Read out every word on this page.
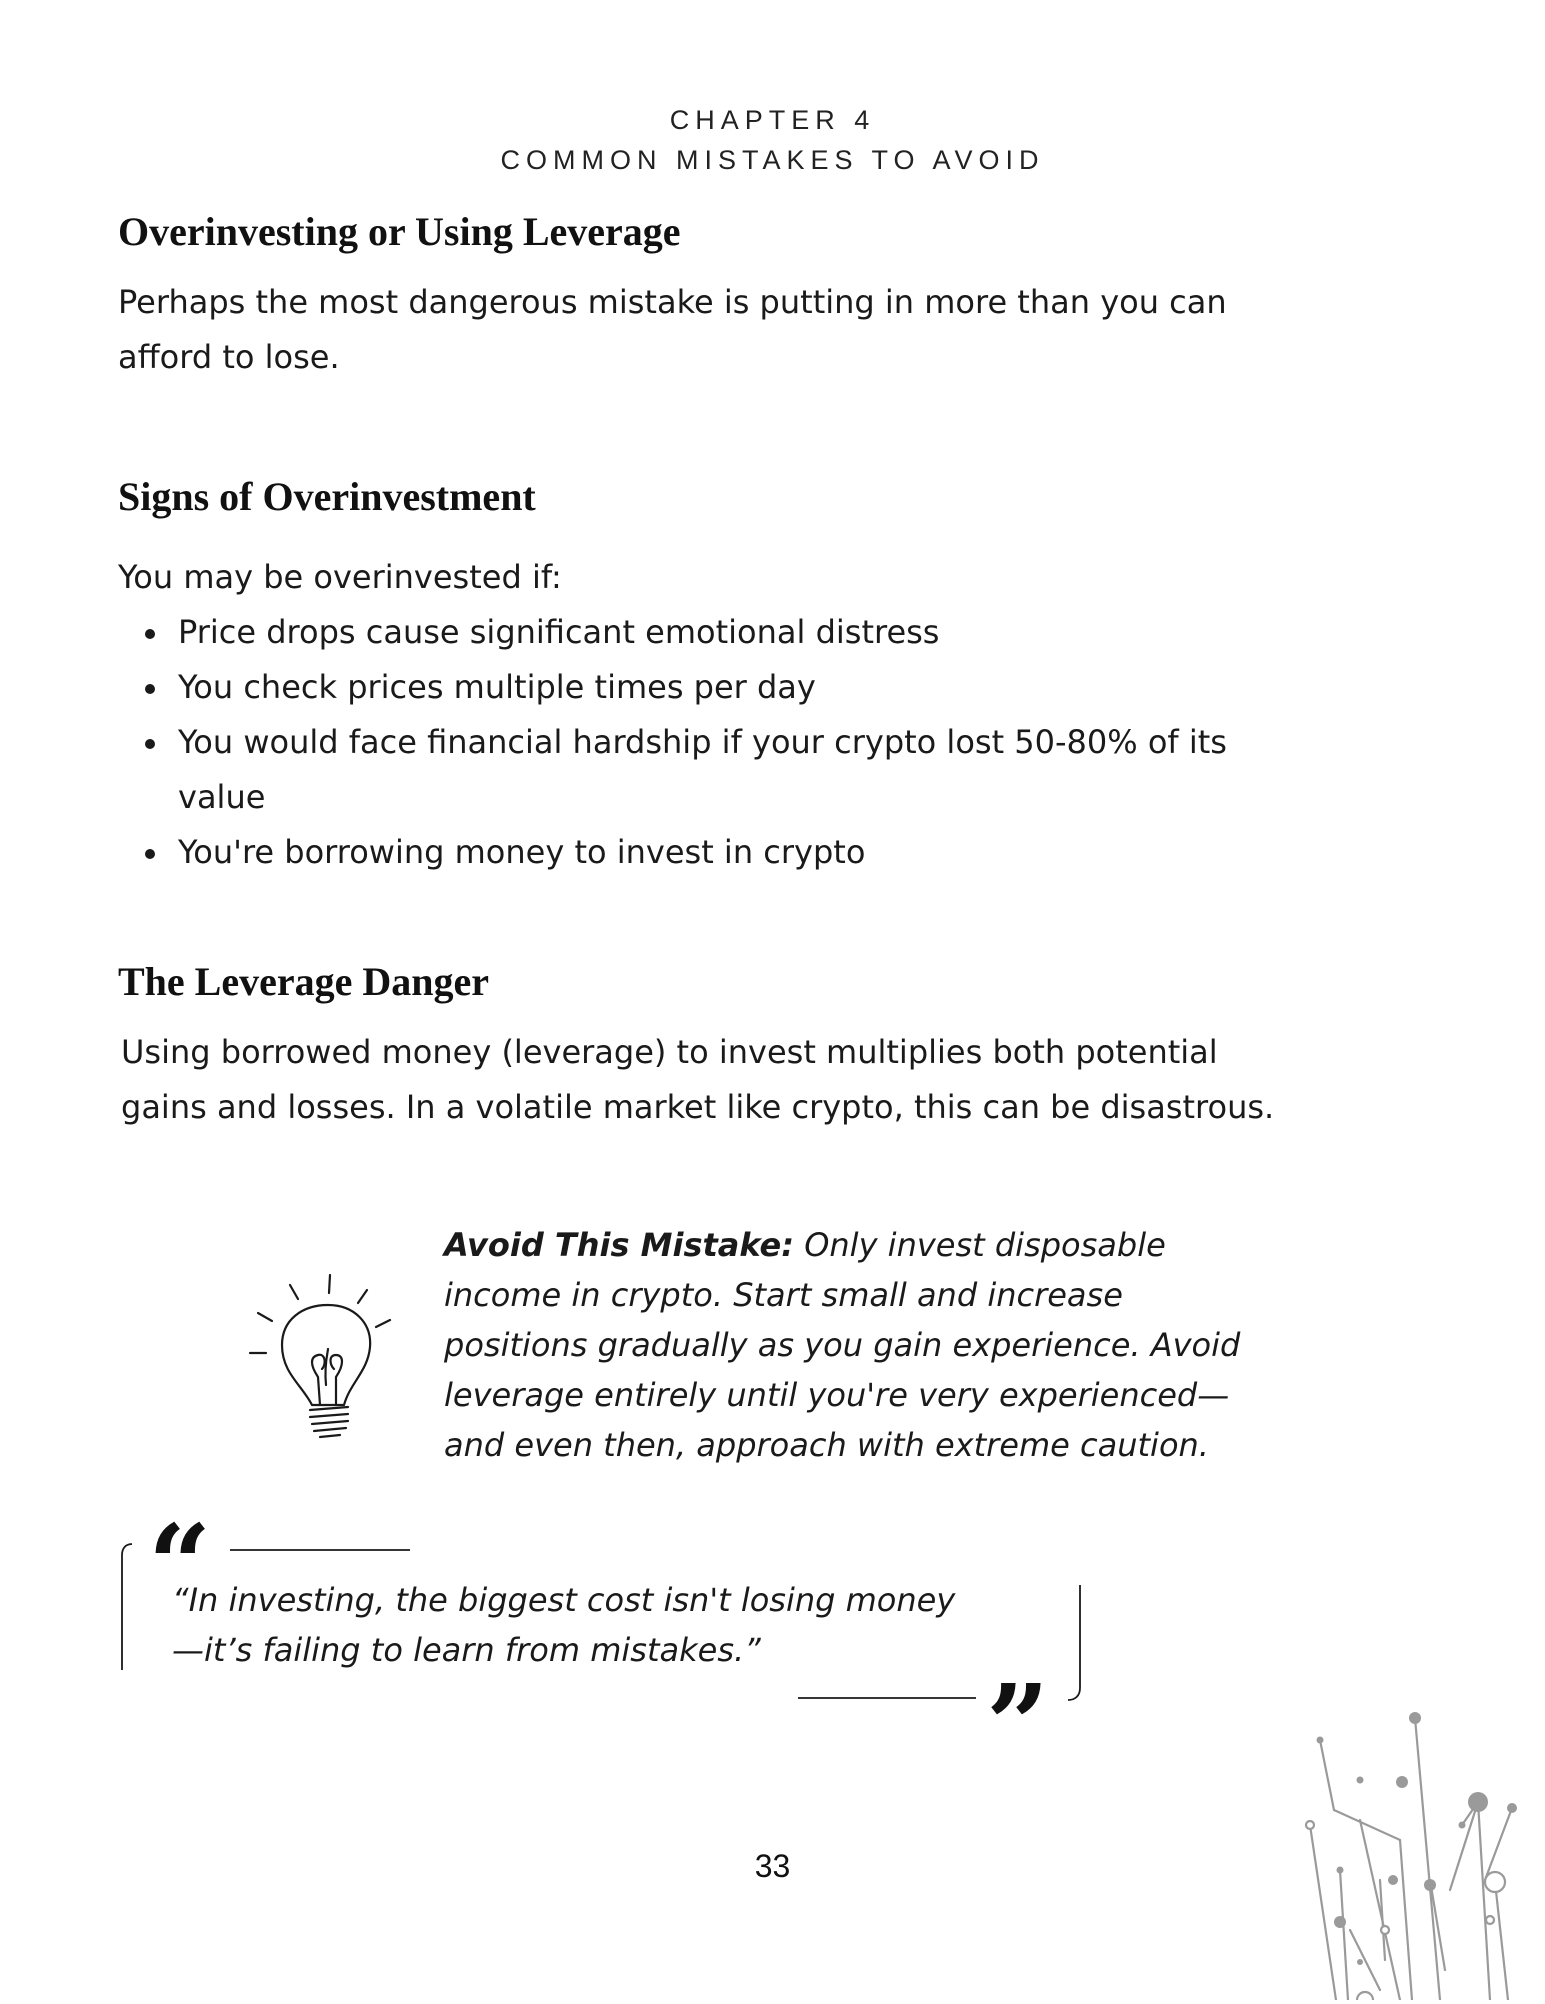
CHAPTER 4
COMMON MISTAKES TO AVOID
Overinvesting or Using Leverage

Perhaps the most dangerous mistake is putting in more than you can
afford to lose.

Signs of Overinvestment

You may be overinvested if:

Price drops cause significant emotional distress
You check prices multiple times per day
You would face financial hardship if your crypto lost 50-80% of its
value
You're borrowing money to invest in crypto
The Leverage Danger

Using borrowed money (leverage) to invest multiplies both potential
gains and losses. In a volatile market like crypto, this can be disastrous.

Avoid This Mistake: Only invest disposable
income in crypto. Start small and increase
positions gradually as you gain experience. Avoid
leverage entirely until you're very experienced—
and even then, approach with extreme caution.

“
”

“In investing, the biggest cost isn't losing money
—it’s failing to learn from mistakes.”

33
